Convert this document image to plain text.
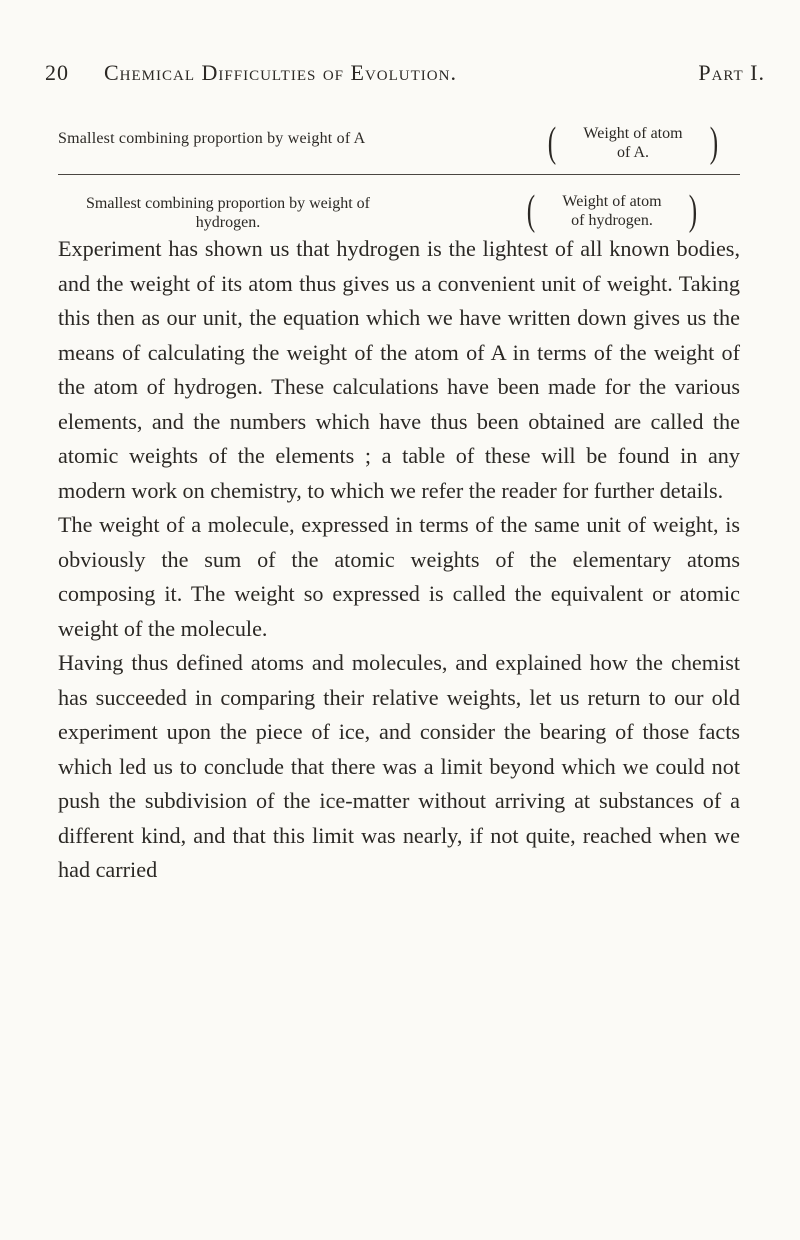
20 Chemical Difficulties of Evolution.	Part I.
Smallest combining proportion by weight of A	(	Weight of atom
of A.	)
Smallest combining proportion by weight of
hydrogen.	(	Weight of atom
of hydrogen. )

Experiment has shown us that hydrogen is the lightest of all known bodies, and the weight of its atom thus gives us a convenient unit of weight. Taking this then as our unit, the equation which we have written down gives us the means of calculating the weight of the atom of A in terms of the weight of the atom of hydrogen. These calculations have been made for the various elements, and the numbers which have thus been obtained are called the atomic weights of the elements ; a table of these will be found in any modern work on chemistry, to which we refer the reader for further details.

The weight of a molecule, expressed in terms of the same unit of weight, is obviously the sum of the atomic weights of the elementary atoms composing it. The weight so expressed is called the equivalent or atomic weight of the molecule.

Having thus defined atoms and molecules, and explained how the chemist has succeeded in comparing their relative weights, let us return to our old experiment upon the piece of ice, and consider the bearing of those facts which led us to conclude that there was a limit beyond which we could not push the subdivision of the ice-matter without arriving at substances of a different kind, and that this limit was nearly, if not quite, reached when we had carried
